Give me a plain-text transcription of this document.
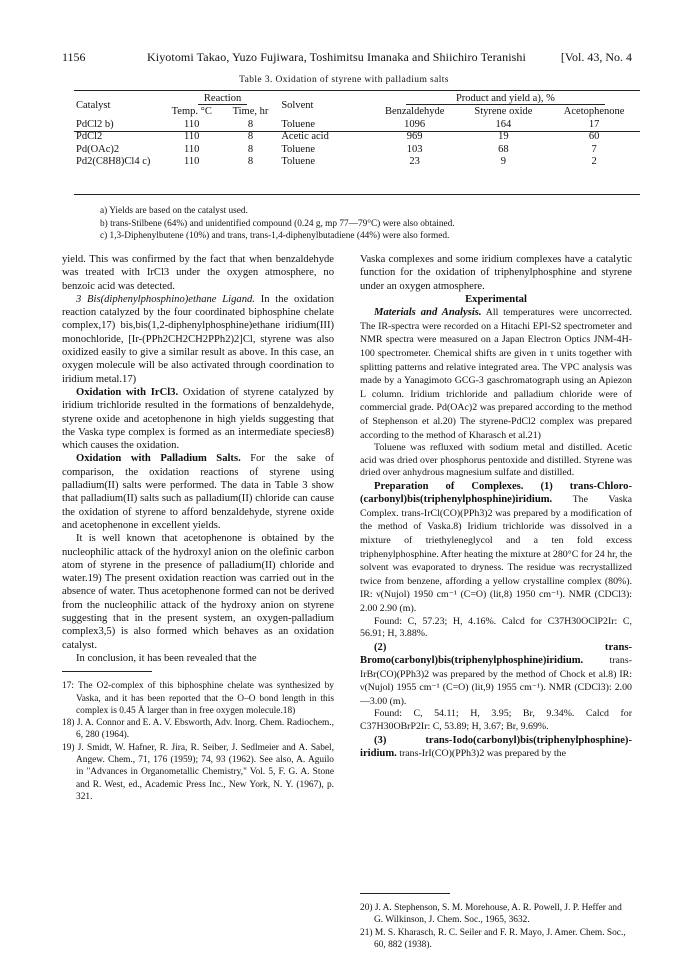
1156	Kiyotomi Takao, Yuzo Fujiwara, Toshimitsu Imanaka and Shiichiro Teranishi	[Vol. 43, No. 4
Table 3. Oxidation of styrene with palladium salts
Catalyst	Reaction		Solvent	Product and yield a), %		
	Temp. °C	Time, hr		Benzaldehyde	Styrene oxide	Acetophenone
PdCl2 b)	110	8	Toluene	1096	164	17
PdCl2	110	8	Acetic acid	969	19	60
Pd(OAc)2	110	8	Toluene	103	68	7
Pd2(C8H8)Cl4 c)	110	8	Toluene	23	9	2
a) Yields are based on the catalyst used.
b) trans-Stilbene (64%) and unidentified compound (0.24 g, mp 77—79°C) were also obtained.
c) 1,3-Diphenylbutene (10%) and trans, trans-1,4-diphenylbutadiene (44%) were also formed.

yield. This was confirmed by the fact that when benzaldehyde was treated with IrCl3 under the oxygen atmosphere, no benzoic acid was detected.

3 Bis(diphenylphosphino)ethane Ligand. In the oxidation reaction catalyzed by the four coordinated biphosphine chelate complex,17) bis,bis(1,2-diphenylphosphine)ethane iridium(III) monochloride, [Ir-(PPh2CH2CH2PPh2)2]Cl, styrene was also oxidized easily to give a similar result as above. In this case, an oxygen molecule will be also activated through coordination to iridium metal.17)

Oxidation with IrCl3. Oxidation of styrene catalyzed by iridium trichloride resulted in the formations of benzaldehyde, styrene oxide and acetophenone in high yields suggesting that the Vaska type complex is formed as an intermediate species8) which causes the oxidation.

Oxidation with Palladium Salts. For the sake of comparison, the oxidation reactions of styrene using palladium(II) salts were performed. The data in Table 3 show that palladium(II) salts such as palladium(II) chloride can cause the oxidation of styrene to afford benzaldehyde, styrene oxide and acetophenone in excellent yields.

It is well known that acetophenone is obtained by the nucleophilic attack of the hydroxyl anion on the olefinic carbon atom of styrene in the presence of palladium(II) chloride and water.19) The present oxidation reaction was carried out in the absence of water. Thus acetophenone formed can not be derived from the nucleophilic attack of the hydroxy anion on styrene suggesting that in the present system, an oxygen-palladium complex3,5) is also formed which behaves as an oxidation catalyst.

In conclusion, it has been revealed that the

17: The O2-complex of this biphosphine chelate was synthesized by Vaska, and it has been reported that the O–O bond length in this complex is 0.45 Å larger than in free oxygen molecule.18)

18) J. A. Connor and E. A. V. Ebsworth, Adv. Inorg. Chem. Radiochem., 6, 280 (1964).

19) J. Smidt, W. Hafner, R. Jira, R. Seiber, J. Sedlmeier and A. Sabel, Angew. Chem., 71, 176 (1959); 74, 93 (1962). See also, A. Aguilo in "Advances in Organometallic Chemistry," Vol. 5, F. G. A. Stone and R. West, ed., Academic Press Inc., New York, N. Y. (1967), p. 321.

Vaska complexes and some iridium complexes have a catalytic function for the oxidation of triphenylphosphine and styrene under an oxygen atmosphere.

Experimental

Materials and Analysis. All temperatures were uncorrected. The IR-spectra were recorded on a Hitachi EPI-S2 spectrometer and NMR spectra were measured on a Japan Electron Optics JNM-4H-100 spectrometer. Chemical shifts are given in τ units together with splitting patterns and relative integrated area. The VPC analysis was made by a Yanagimoto GCG-3 gaschromatograph using an Apiezon L column. Iridium trichloride and palladium chloride were of commercial grade. Pd(OAc)2 was prepared according to the method of Stephenson et al.20) The styrene-PdCl2 complex was prepared according to the method of Kharasch et al.21)

Toluene was refluxed with sodium metal and distilled. Acetic acid was dried over phosphorus pentoxide and distilled. Styrene was dried over anhydrous magnesium sulfate and distilled.

Preparation of Complexes. (1) trans-Chloro-(carbonyl)bis(triphenylphosphine)iridium. The Vaska Complex. trans-IrCl(CO)(PPh3)2 was prepared by a modification of the method of Vaska.8) Iridium trichloride was dissolved in a mixture of triethyleneglycol and a ten fold excess triphenylphosphine. After heating the mixture at 280°C for 24 hr, the solvent was evaporated to dryness. The residue was recrystallized twice from benzene, affording a yellow crystalline complex (80%). IR: ν(Nujol) 1950 cm⁻¹ (C=O) (lit,8) 1950 cm⁻¹). NMR (CDCl3): 2.00 2.90 (m).

Found: C, 57.23; H, 4.16%. Calcd for C37H30OClP2Ir: C, 56.91; H, 3.88%.

(2) trans-Bromo(carbonyl)bis(triphenylphosphine)iridium. trans-IrBr(CO)(PPh3)2 was prepared by the method of Chock et al.8) IR: ν(Nujol) 1955 cm⁻¹ (C=O) (lit,9) 1955 cm⁻¹). NMR (CDCl3): 2.00—3.00 (m).

Found: C, 54.11; H, 3.95; Br, 9.34%. Calcd for C37H30OBrP2Ir: C, 53.89; H, 3.67; Br, 9.69%.

(3) trans-Iodo(carbonyl)bis(triphenylphosphine)-iridium. trans-IrI(CO)(PPh3)2 was prepared by the

20) J. A. Stephenson, S. M. Morehouse, A. R. Powell, J. P. Heffer and G. Wilkinson, J. Chem. Soc., 1965, 3632.

21) M. S. Kharasch, R. C. Seiler and F. R. Mayo, J. Amer. Chem. Soc., 60, 882 (1938).
